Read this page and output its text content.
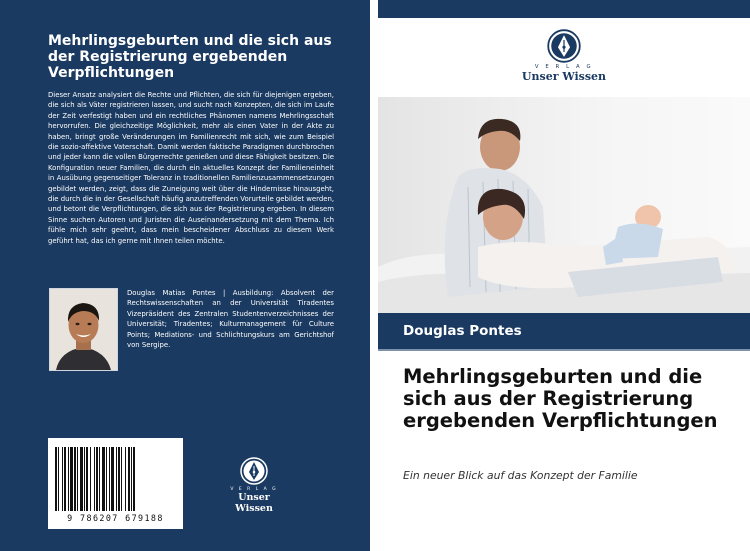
Mehrlingsgeburten und die sich aus der Registrierung ergebenden Verpflichtungen

Dieser Ansatz analysiert die Rechte und Pflichten, die sich für diejenigen ergeben, die sich als Väter registrieren lassen, und sucht nach Konzepten, die sich im Laufe der Zeit verfestigt haben und ein rechtliches Phänomen namens Mehrlingsschaft hervorrufen. Die gleichzeitige Möglichkeit, mehr als einen Vater in der Akte zu haben, bringt große Veränderungen im Familienrecht mit sich, wie zum Beispiel die sozio-affektive Vaterschaft. Damit werden faktische Paradigmen durchbrochen und jeder kann die vollen Bürgerrechte genießen und diese Fähigkeit besitzen. Die Konfiguration neuer Familien, die durch ein aktuelles Konzept der Familieneinheit in Ausübung gegenseitiger Toleranz in traditionellen Familienzusammensetzungen gebildet werden, zeigt, dass die Zuneigung weit über die Hindernisse hinausgeht, die durch die in der Gesellschaft häufig anzutreffenden Vorurteile gebildet werden, und betont die Verpflichtungen, die sich aus der Registrierung ergeben. In diesem Sinne suchen Autoren und Juristen die Auseinandersetzung mit dem Thema. Ich fühle mich sehr geehrt, dass mein bescheidener Abschluss zu diesem Werk geführt hat, das ich gerne mit Ihnen teilen möchte.

Douglas Matias Pontes | Ausbildung: Absolvent der Rechtswissenschaften an der Universität Tiradentes Vizepräsident des Zentralen Studentenverzeichnisses der Universität; Tiradentes; Kulturmanagement für Culture Points; Mediations- und Schlichtungskurs am Gerichtshof von Sergipe.

9 786207 679188
V E R L A G
Unser Wissen
V E R L A G
Unser Wissen
Douglas Pontes
Mehrlingsgeburten und die sich aus der Registrierung ergebenden Verpflichtungen
Ein neuer Blick auf das Konzept der Familie
